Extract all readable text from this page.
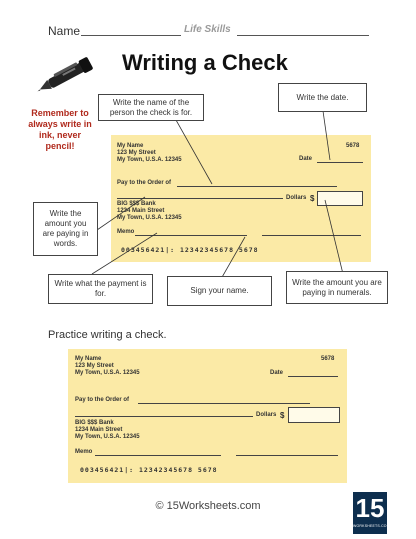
Name	Life Skills
Writing a Check
Remember to always write in ink, never pencil!	My Name
123 My Street
My Town, U.S.A. 12345
5678
Date
Pay to the Order of
Dollars $
BIG $$$ Bank
1234 Main Street
My Town, U.S.A. 12345
Memo
003456421|: 12342345678 5678
Write the name of the person the check is for.
Write the date.
Write the amount you are paying in words.
Write what the payment is for.	Sign your name.
Write the amount you are paying in numerals.
Practice writing a check.
My Name
123 My Street
My Town, U.S.A. 12345
5678
Date
Pay to the Order of
Dollars $
BIG $$$ Bank
1234 Main Street
My Town, U.S.A. 12345
Memo
003456421|: 12342345678 5678
© 15Worksheets.com	15
WORKSHEETS.COM
